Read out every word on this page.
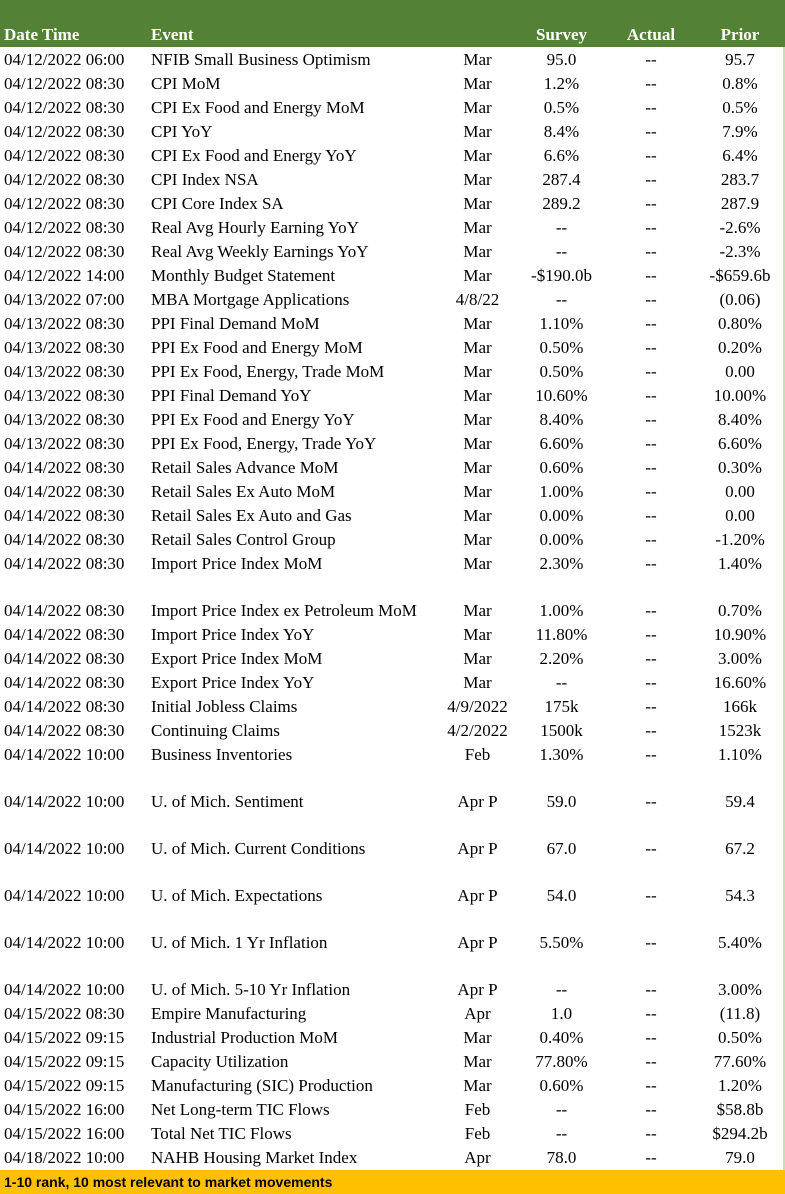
Date Time	Event	Survey	Actual	Prior
04/12/2022 06:00 NFIB Small Business Optimism	Mar	95.0	--	95.7
04/12/2022 08:30 CPI MoM	Mar	1.2%	--	0.8%
04/12/2022 08:30 CPI Ex Food and Energy MoM	Mar	0.5%	--	0.5%
04/12/2022 08:30 CPI YoY	Mar	8.4%	--	7.9%
04/12/2022 08:30 CPI Ex Food and Energy YoY	Mar	6.6%	--	6.4%
04/12/2022 08:30 CPI Index NSA	Mar	287.4	--	283.7
04/12/2022 08:30 CPI Core Index SA	Mar	289.2	--	287.9
04/12/2022 08:30 Real Avg Hourly Earning YoY	Mar	--	--	-2.6%
04/12/2022 08:30 Real Avg Weekly Earnings YoY	Mar	--	--	-2.3%
04/12/2022 14:00 Monthly Budget Statement	Mar	-$190.0b	--	-$659.6b
04/13/2022 07:00 MBA Mortgage Applications	4/8/22	--	--	(0.06)
04/13/2022 08:30 PPI Final Demand MoM	Mar	1.10%	--	0.80%
04/13/2022 08:30 PPI Ex Food and Energy MoM	Mar	0.50%	--	0.20%
04/13/2022 08:30 PPI Ex Food, Energy, Trade MoM	Mar	0.50%	--	0.00
04/13/2022 08:30 PPI Final Demand YoY	Mar	10.60%	--	10.00%
04/13/2022 08:30 PPI Ex Food and Energy YoY	Mar	8.40%	--	8.40%
04/13/2022 08:30 PPI Ex Food, Energy, Trade YoY	Mar	6.60%	--	6.60%
04/14/2022 08:30 Retail Sales Advance MoM	Mar	0.60%	--	0.30%
04/14/2022 08:30 Retail Sales Ex Auto MoM	Mar	1.00%	--	0.00
04/14/2022 08:30 Retail Sales Ex Auto and Gas	Mar	0.00%	--	0.00
04/14/2022 08:30 Retail Sales Control Group	Mar	0.00%	--	-1.20%
04/14/2022 08:30 Import Price Index MoM	Mar	2.30%	--	1.40%
04/14/2022 08:30 Import Price Index ex Petroleum MoM	Mar	1.00%	--	0.70%
04/14/2022 08:30 Import Price Index YoY	Mar	11.80%	--	10.90%
04/14/2022 08:30 Export Price Index MoM	Mar	2.20%	--	3.00%
04/14/2022 08:30 Export Price Index YoY	Mar	--	--	16.60%
04/14/2022 08:30 Initial Jobless Claims	4/9/2022	175k	--	166k
04/14/2022 08:30 Continuing Claims	4/2/2022	1500k	--	1523k
04/14/2022 10:00 Business Inventories	Feb	1.30%	--	1.10%
04/14/2022 10:00 U. of Mich. Sentiment	Apr P	59.0	--	59.4
04/14/2022 10:00 U. of Mich. Current Conditions	Apr P	67.0	--	67.2
04/14/2022 10:00 U. of Mich. Expectations	Apr P	54.0	--	54.3
04/14/2022 10:00 U. of Mich. 1 Yr Inflation	Apr P	5.50%	--	5.40%
04/14/2022 10:00 U. of Mich. 5-10 Yr Inflation	Apr P	--	--	3.00%
04/15/2022 08:30 Empire Manufacturing	Apr	1.0	--	(11.8)
04/15/2022 09:15 Industrial Production MoM	Mar	0.40%	--	0.50%
04/15/2022 09:15 Capacity Utilization	Mar	77.80%	--	77.60%
04/15/2022 09:15 Manufacturing (SIC) Production	Mar	0.60%	--	1.20%
04/15/2022 16:00 Net Long-term TIC Flows	Feb	--	--	$58.8b
04/15/2022 16:00 Total Net TIC Flows	Feb	--	--	$294.2b
04/18/2022 10:00 NAHB Housing Market Index	Apr	78.0	--	79.0
1-10 rank, 10 most relevant to market movements
